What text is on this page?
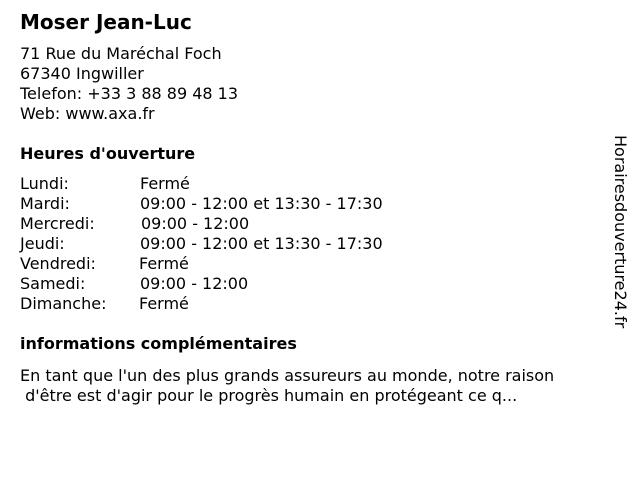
Moser Jean-Luc
71 Rue du Maréchal Foch
67340 Ingwiller
Telefon: +33 3 88 89 48 13
Web: www.axa.fr
Heures d'ouverture
Lundi:	Fermé
Mardi:	09:00 - 12:00 et 13:30 - 17:30
Mercredi:	09:00 - 12:00
Jeudi:	09:00 - 12:00 et 13:30 - 17:30
Vendredi:	Fermé
Samedi:	09:00 - 12:00
Dimanche:	Fermé
informations complémentaires
En tant que l'un des plus grands assureurs au monde, notre raison
d'être est d'agir pour le progrès humain en protégeant ce q...
Horairesdouverture24.fr
